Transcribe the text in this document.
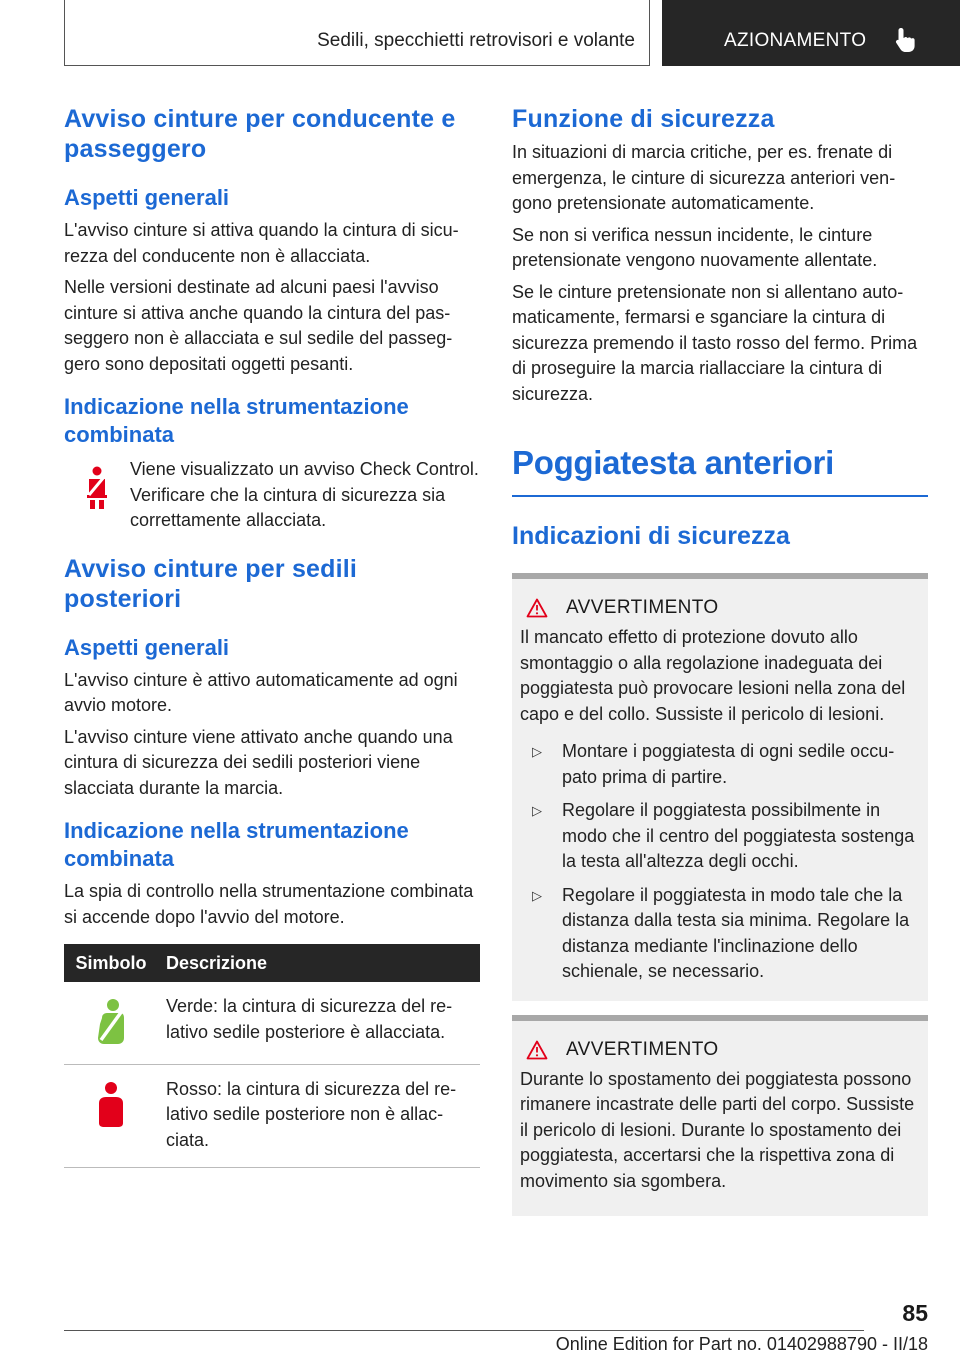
Sedili, specchietti retrovisori e volante	AZIONAMENTO
Avviso cinture per conducente e passeggero
Aspetti generali

L'avviso cinture si attiva quando la cintura di sicurezza del conducente non è allacciata.

Nelle versioni destinate ad alcuni paesi l'avviso cinture si attiva anche quando la cintura del passeggero non è allacciata e sul sedile del passeggero sono depositati oggetti pesanti.

Indicazione nella strumentazione combinata
Viene visualizzato un avviso Check Control. Verificare che la cintura di sicurezza sia correttamente allacciata.
Avviso cinture per sedili posteriori
Aspetti generali

L'avviso cinture è attivo automaticamente ad ogni avvio motore.

L'avviso cinture viene attivato anche quando una cintura di sicurezza dei sedili posteriori viene slacciata durante la marcia.

Indicazione nella strumentazione combinata

La spia di controllo nella strumentazione combinata si accende dopo l'avvio del motore.

Simbolo	Descrizione
	Verde: la cintura di sicurezza del relativo sedile posteriore è allacciata.
	Rosso: la cintura di sicurezza del relativo sedile posteriore non è allacciata.
Funzione di sicurezza

In situazioni di marcia critiche, per es. frenate di emergenza, le cinture di sicurezza anteriori vengono pretensionate automaticamente.

Se non si verifica nessun incidente, le cinture pretensionate vengono nuovamente allentate.

Se le cinture pretensionate non si allentano automaticamente, fermarsi e sganciare la cintura di sicurezza premendo il tasto rosso del fermo. Prima di proseguire la marcia riallacciare la cintura di sicurezza.

Poggiatesta anteriori
Indicazioni di sicurezza
AVVERTIMENTO

Il mancato effetto di protezione dovuto allo smontaggio o alla regolazione inadeguata dei poggiatesta può provocare lesioni nella zona del capo e del collo. Sussiste il pericolo di lesioni.

▷	Montare i poggiatesta di ogni sedile occupato prima di partire.
▷	Regolare il poggiatesta possibilmente in modo che il centro del poggiatesta sostenga la testa all'altezza degli occhi.
▷	Regolare il poggiatesta in modo tale che la distanza dalla testa sia minima. Regolare la distanza mediante l'inclinazione dello schienale, se necessario.
AVVERTIMENTO

Durante lo spostamento dei poggiatesta possono rimanere incastrate delle parti del corpo. Sussiste il pericolo di lesioni. Durante lo spostamento dei poggiatesta, accertarsi che la rispettiva zona di movimento sia sgombera.

85
Online Edition for Part no. 01402988790 - II/18
